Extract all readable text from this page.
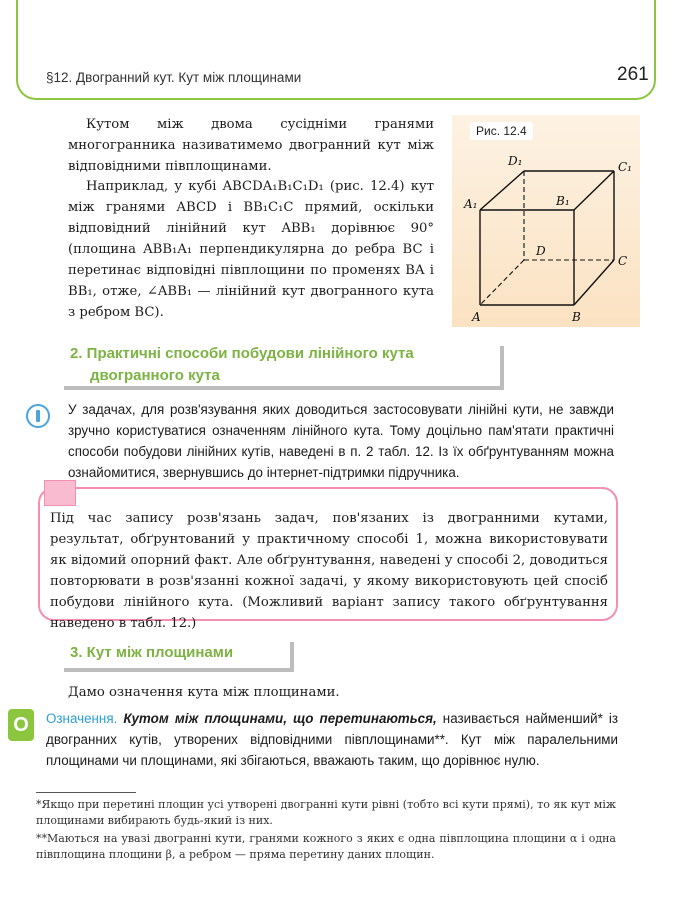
§12. Двогранний кут. Кут між площинами	261
Кутом між двома сусідніми гранями многогранника називатимемо двогранний кут між відповідними півплощинами.
Наприклад, у кубі ABCDA₁B₁C₁D₁ (рис. 12.4) кут між гранями ABCD і BB₁C₁C прямий, оскільки відповідний лінійний кут ABB₁ дорівнює 90° (площина ABB₁A₁ перпендикулярна до ребра BC і перетинає відповідні півплощини по променях BA і BB₁, отже, ∠ABB₁ — лінійний кут двогранного кута з ребром BC).	A	B
C
D
A₁	B₁
C₁
D₁
Рис. 12.4
2. Практичні способи побудови лінійного кута
двогранного кута
У задачах, для розв'язування яких доводиться застосовувати лінійні кути, не завжди зручно користуватися означенням лінійного кута. Тому доцільно пам'ятати практичні способи побудови лінійних кутів, наведені в п. 2 табл. 12. Із їх обґрунтуванням можна ознайомитися, звернувшись до інтернет-підтримки підручника.
Під час запису розв'язань задач, пов'язаних із двогранними кутами, результат, обґрунтований у практичному способі 1, можна використовувати як відомий опорний факт. Але обґрунтування, наведені у способі 2, доводиться повторювати в розв'язанні кожної задачі, у якому використовують цей спосіб побудови лінійного кута. (Можливий варіант запису такого обґрунтування наведено в табл. 12.)
3. Кут між площинами
Дамо означення кута між площинами.
О	Означення. Кутом між площинами, що перетинаються, називається найменший* із двогранних кутів, утворених відповідними півплощинами**. Кут між паралельними площинами чи площинами, які збігаються, вважають таким, що дорівнює нулю.
*Якщо при перетині площин усі утворені двогранні кути рівні (тобто всі кути прямі), то як кут між площинами вибирають будь-який із них.
**Маються на увазі двогранні кути, гранями кожного з яких є одна півплощина площини α і одна півплощина площини β, а ребром — пряма перетину даних площин.
